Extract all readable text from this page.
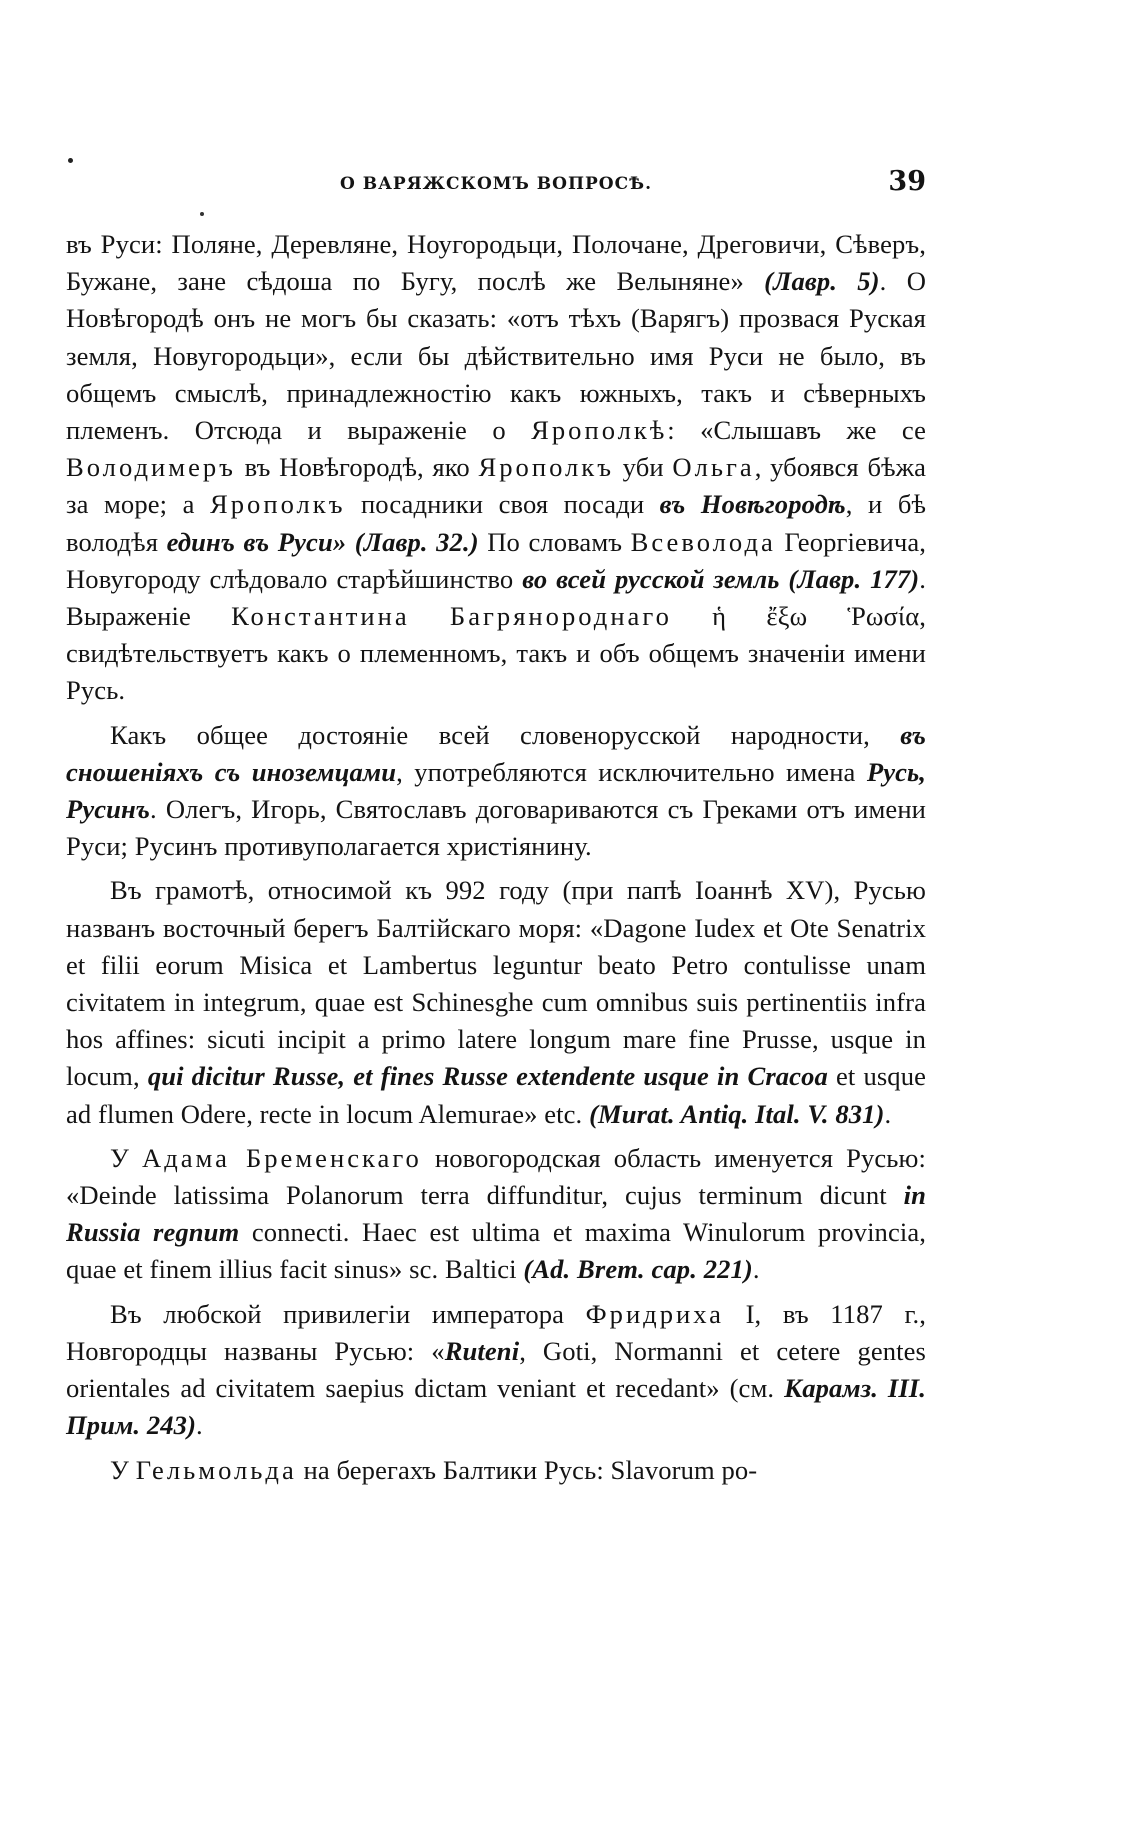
О ВАРЯЖСКОМЪ ВОПРОСѢ.	39

въ Руси: Поляне, Деревляне, Ноугородьци, Полочане, Дреговичи, Сѣверъ, Бужане, зане сѣдоша по Бугу, послѣ же Велыняне» (Лавр. 5). О Новѣгородѣ онъ не могъ бы сказать: «отъ тѣхъ (Варягъ) прозвася Руская земля, Новугородьци», если бы дѣйствительно имя Руси не было, въ общемъ смыслѣ, принадлежностію какъ южныхъ, такъ и сѣверныхъ племенъ. Отсюда и выраженіе о Ярополкѣ: «Слышавъ же се Володимеръ въ Новѣгородѣ, яко Ярополкъ уби Ольга, убоявся бѣжа за море; а Ярополкъ посадники своя посади въ Новѣгородѣ, и бѣ володѣя единъ въ Руси» (Лавр. 32.) По словамъ Всеволода Георгіевича, Новугороду слѣдовало старѣйшинство во всей русской земль (Лавр. 177). Выраженіе Константина Багрянороднаго ἡ ἔξω Ῥωσία, свидѣтельствуетъ какъ о племенномъ, такъ и объ общемъ значеніи имени Русь.

Какъ общее достояніе всей словенорусской народности, въ сношеніяхъ съ иноземцами, употребляются исключительно имена Русь, Русинъ. Олегъ, Игорь, Святославъ договариваются съ Греками отъ имени Руси; Русинъ противуполагается христіянину.

Въ грамотѣ, относимой къ 992 году (при папѣ Іоаннѣ XV), Русью названъ восточный берегъ Балтійскаго моря: «Dagone Iudex et Ote Senatrix et filii eorum Misica et Lambertus leguntur beato Petro contulisse unam civitatem in integrum, quae est Schinesghe cum omnibus suis pertinentiis infra hos affines: sicuti incipit a primo latere longum mare fine Prusse, usque in locum, qui dicitur Russe, et fines Russe extendente usque in Cracoa et usque ad flumen Odere, recte in locum Alemurae» etc. (Murat. Antiq. Ital. V. 831).

У Адама Бременскаго новогородская область именуется Русью: «Deinde latissima Polanorum terra diffunditur, cujus terminum dicunt in Russia regnum connecti. Haec est ultima et maxima Winulorum provincia, quae et finem illius facit sinus» sc. Baltici (Ad. Brem. cap. 221).

Въ любской привилегіи императора Фридриха I, въ 1187 г., Новгородцы названы Русью: «Ruteni, Goti, Normanni et cetere gentes orientales ad civitatem saepius dictam veniant et recedant» (см. Карамз. III. Прим. 243).

У Гельмольда на берегахъ Балтики Русь: Slavorum po-
